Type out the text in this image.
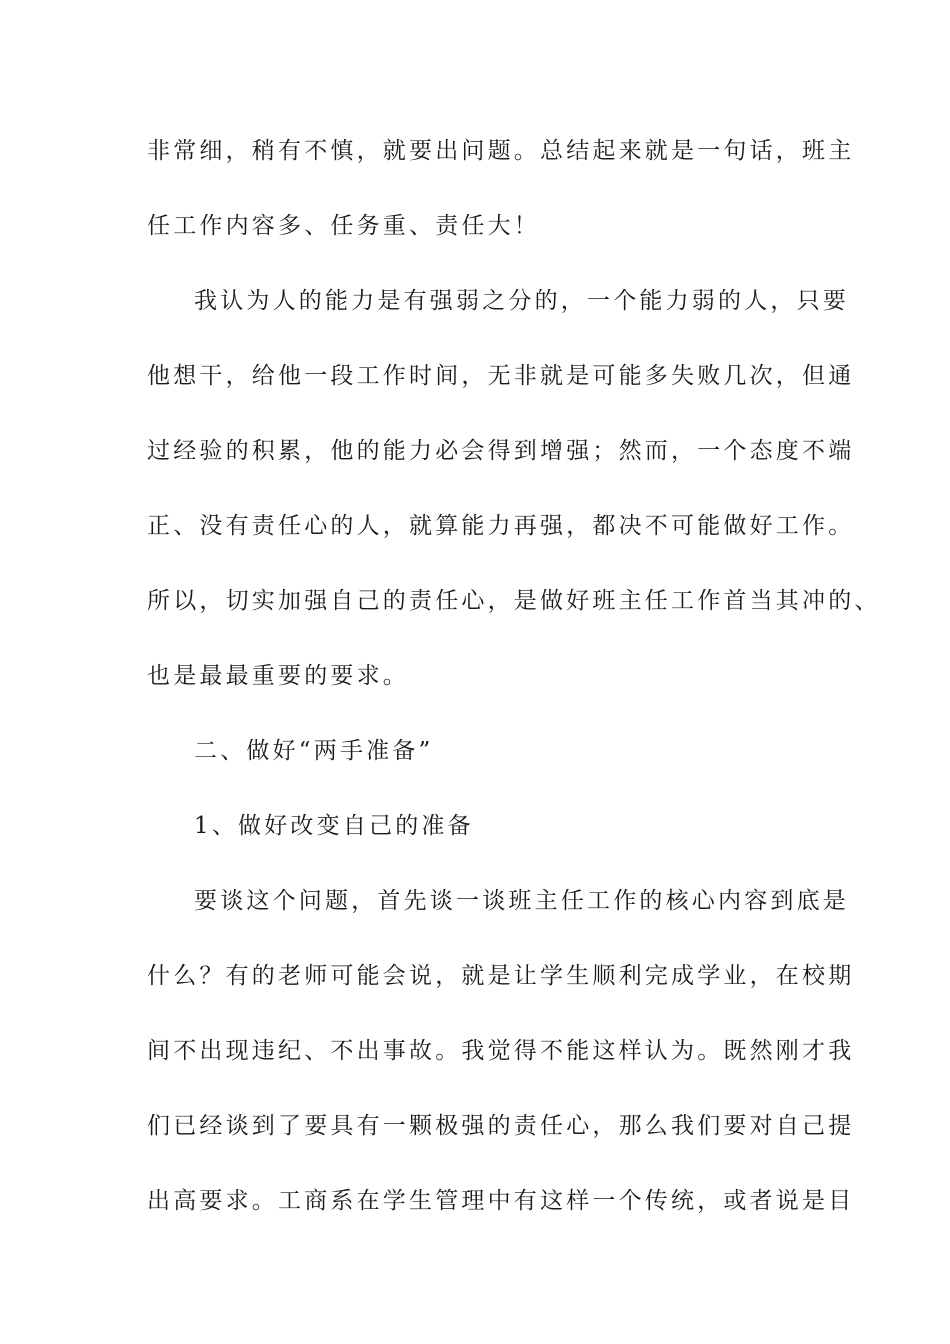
非常细，稍有不慎，就要出问题。总结起来就是一句话，班主
任工作内容多、任务重、责任大！
我认为人的能力是有强弱之分的，一个能力弱的人，只要
他想干，给他一段工作时间，无非就是可能多失败几次，但通
过经验的积累，他的能力必会得到增强；然而，一个态度不端
正、没有责任心的人，就算能力再强，都决不可能做好工作。
所以，切实加强自己的责任心，是做好班主任工作首当其冲的、
也是最最重要的要求。
二、做好“两手准备”
1、做好改变自己的准备
要谈这个问题，首先谈一谈班主任工作的核心内容到底是
什么？有的老师可能会说，就是让学生顺利完成学业，在校期
间不出现违纪、不出事故。我觉得不能这样认为。既然刚才我
们已经谈到了要具有一颗极强的责任心，那么我们要对自己提
出高要求。工商系在学生管理中有这样一个传统，或者说是目
